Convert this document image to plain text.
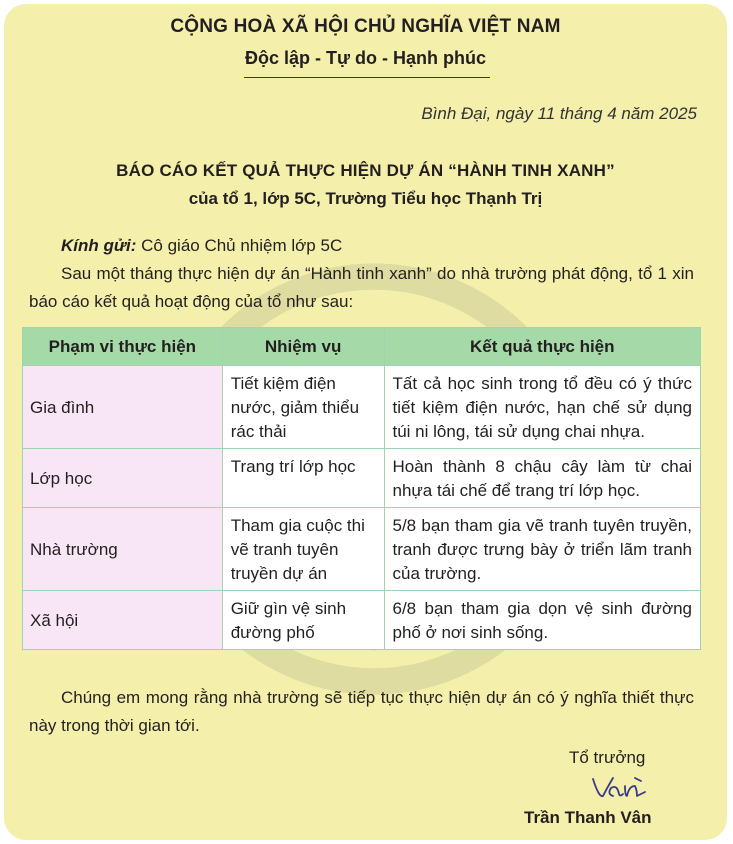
CỘNG HOÀ XÃ HỘI CHỦ NGHĨA VIỆT NAM
Độc lập - Tự do - Hạnh phúc
Bình Đại, ngày 11 tháng 4 năm 2025
BÁO CÁO KẾT QUẢ THỰC HIỆN DỰ ÁN “HÀNH TINH XANH”
của tổ 1, lớp 5C, Trường Tiểu học Thạnh Trị
Kính gửi: Cô giáo Chủ nhiệm lớp 5C
Sau một tháng thực hiện dự án “Hành tinh xanh” do nhà trường phát động, tổ 1 xin báo cáo kết quả hoạt động của tổ như sau:
Phạm vi thực hiện	Nhiệm vụ	Kết quả thực hiện
Gia đình	Tiết kiệm điện nước, giảm thiểu rác thải	Tất cả học sinh trong tổ đều có ý thức tiết kiệm điện nước, hạn chế sử dụng túi ni lông, tái sử dụng chai nhựa.
Lớp học	Trang trí lớp học	Hoàn thành 8 chậu cây làm từ chai nhựa tái chế để trang trí lớp học.
Nhà trường	Tham gia cuộc thi vẽ tranh tuyên truyền dự án	5/8 bạn tham gia vẽ tranh tuyên truyền, tranh được trưng bày ở triển lãm tranh của trường.
Xã hội	Giữ gìn vệ sinh đường phố	6/8 bạn tham gia dọn vệ sinh đường phố ở nơi sinh sống.
Chúng em mong rằng nhà trường sẽ tiếp tục thực hiện dự án có ý nghĩa thiết thực này trong thời gian tới.
Tổ trưởng
Trần Thanh Vân
